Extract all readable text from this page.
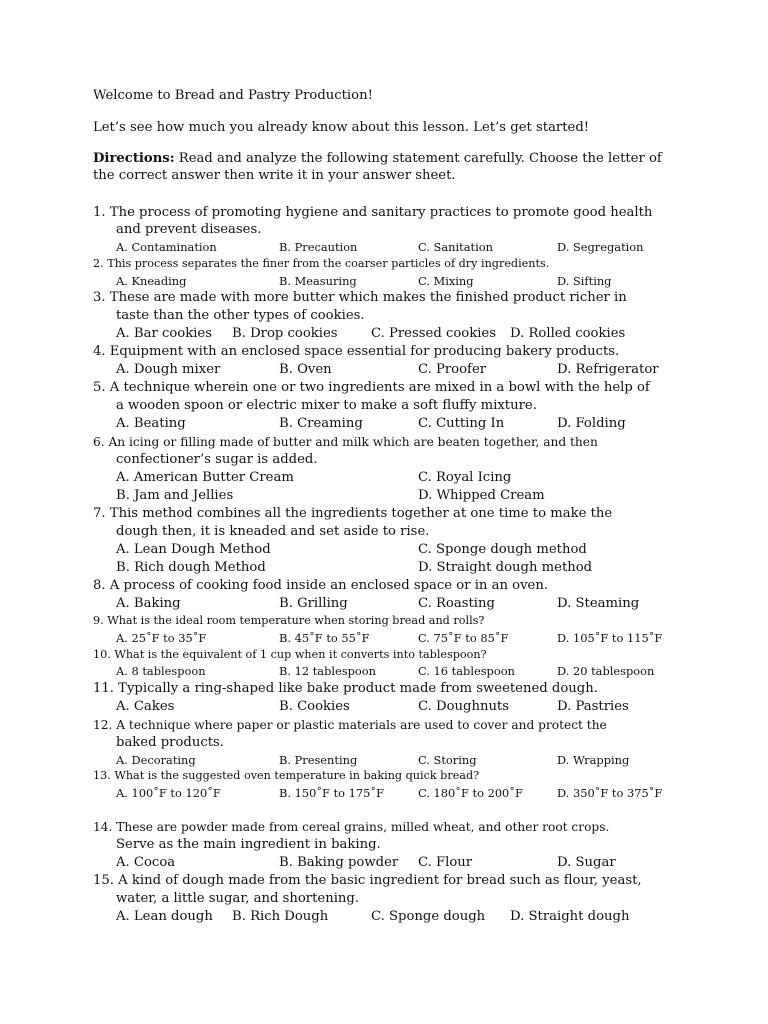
Welcome to Bread and Pastry Production!
Let’s see how much you already know about this lesson. Let’s get started!
Directions: Read and analyze the following statement carefully. Choose the letter of
the correct answer then write it in your answer sheet.
1. The process of promoting hygiene and sanitary practices to promote good health
and prevent diseases.
A. Contamination	B. Precaution	C. Sanitation	D. Segregation
2. This process separates the finer from the coarser particles of dry ingredients.
A. Kneading	B. Measuring	C. Mixing	D. Sifting
3. These are made with more butter which makes the finished product richer in
taste than the other types of cookies.
A. Bar cookies B. Drop cookies	C. Pressed cookies D. Rolled cookies
4. Equipment with an enclosed space essential for producing bakery products.
A. Dough mixer	B. Oven	C. Proofer	D. Refrigerator
5. A technique wherein one or two ingredients are mixed in a bowl with the help of
a wooden spoon or electric mixer to make a soft fluffy mixture.
A. Beating	B. Creaming	C. Cutting In	D. Folding
6. An icing or filling made of butter and milk which are beaten together, and then
confectioner’s sugar is added.
A. American Butter Cream	C. Royal Icing
B. Jam and Jellies	D. Whipped Cream
7. This method combines all the ingredients together at one time to make the
dough then, it is kneaded and set aside to rise.
A. Lean Dough Method	C. Sponge dough method
B. Rich dough Method	D. Straight dough method
8. A process of cooking food inside an enclosed space or in an oven.
A. Baking	B. Grilling	C. Roasting	D. Steaming
9. What is the ideal room temperature when storing bread and rolls?
A. 25˚F to 35˚F	B. 45˚F to 55˚F	C. 75˚F to 85˚F	D. 105˚F to 115˚F
10. What is the equivalent of 1 cup when it converts into tablespoon?
A. 8 tablespoon	B. 12 tablespoon	C. 16 tablespoon	D. 20 tablespoon
11. Typically a ring-shaped like bake product made from sweetened dough.
A. Cakes	B. Cookies	C. Doughnuts	D. Pastries
12. A technique where paper or plastic materials are used to cover and protect the
baked products.
A. Decorating	B. Presenting	C. Storing	D. Wrapping
13. What is the suggested oven temperature in baking quick bread?
A. 100˚F to 120˚F	B. 150˚F to 175˚F	C. 180˚F to 200˚F	D. 350˚F to 375˚F
14. These are powder made from cereal grains, milled wheat, and other root crops.
Serve as the main ingredient in baking.
A. Cocoa	B. Baking powder C. Flour	D. Sugar
15. A kind of dough made from the basic ingredient for bread such as flour, yeast,
water, a little sugar, and shortening.
A. Lean dough B. Rich Dough	C. Sponge dough D. Straight dough
